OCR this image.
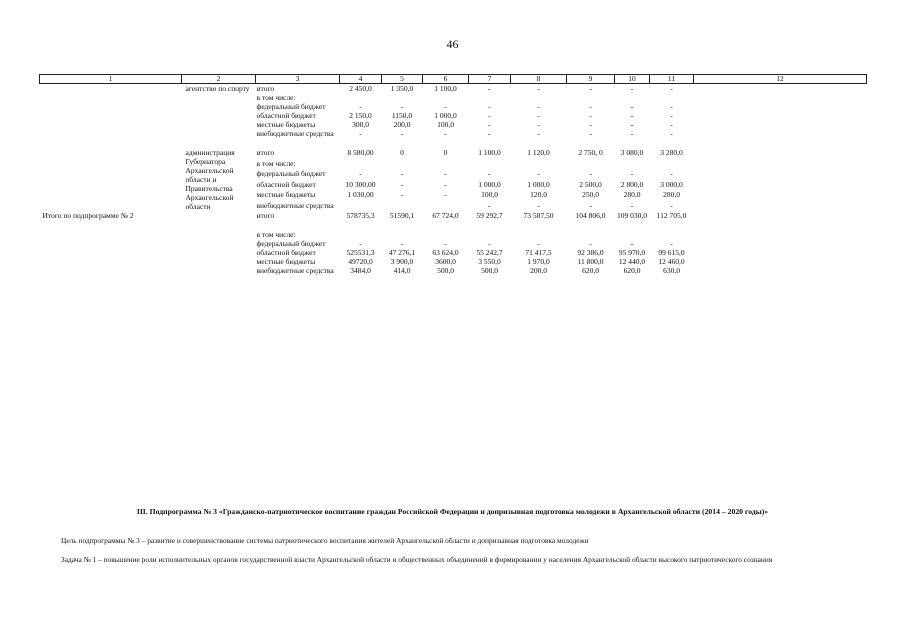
46
1	2	3	4	5	6	7	8	9	10	11	12
	агентство по спорту	итого	2 450,0	1 350,0	1 100,0	-	-	-	-	-	
		в том числе:									
		федеральный бюджет	-	-	-	-	-	-	-	-	
		областной бюджет	2 150,0	1150,0	1 000,0	-	-	-	-	-	
		местные бюджеты	300,0	200,0	100,0	-	-	-	-	-	
		внебюджетные средства	-	-	-	-	-	-	-	-	

	администрация Губернатора Архангельской области и Правительства Архангельской области	итого	8 580,00	0	0	1 100,0	1 120,0	2 750, 0	3 080,0	3 280,0	
		в том числе:									
		федеральный бюджет	-	-	-	-	-	-	-	-	
		областной бюджет	10 300,00	-	-	1 000,0	1 000,0	2 500,0	2 800,0	3 000,0	
		местные бюджеты	1 030,00	-	-	100,0	120,0	250,0	280,0	280,0	
		внебюджетные средства				-	-	-	-	-	
Итого по подпрограмме № 2		итого	578735,3	51590,1	67 724,0	59 292,7	73 587,50	104 806,0	109 030,0	112 705,0	
		в том числе:									
		федеральный бюджет	-	-	-	-	-	-	-	-	
		областной бюджет	525531,3	47 276,1	63 624,0	55 242,7	71 417,5	92 386,0	95 970,0	99 615,0	
		местные бюджеты	49720,0	3 900,0	3600,0	3 550,0	1 970,0	11 800,0	12 440,0	12 460,0	
		внебюджетные средства	3484,0	414,0	500,0	500,0	200,0	620,0	620,0	630,0	
III. Подпрограмма № 3 «Гражданско-патриотическое воспитание граждан Российской Федерации и допризывная подготовка молодежи в Архангельской области (2014 – 2020 годы)»
Цель подпрограммы № 3 – развитие и совершенствование системы патриотического воспитания жителей Архангельской области и допризывная подготовка молодежи
Задача № 1 – повышение роли исполнительных органов государственной власти Архангельской области и общественных объединений в формировании у населения Архангельской области высокого патриотического сознания
